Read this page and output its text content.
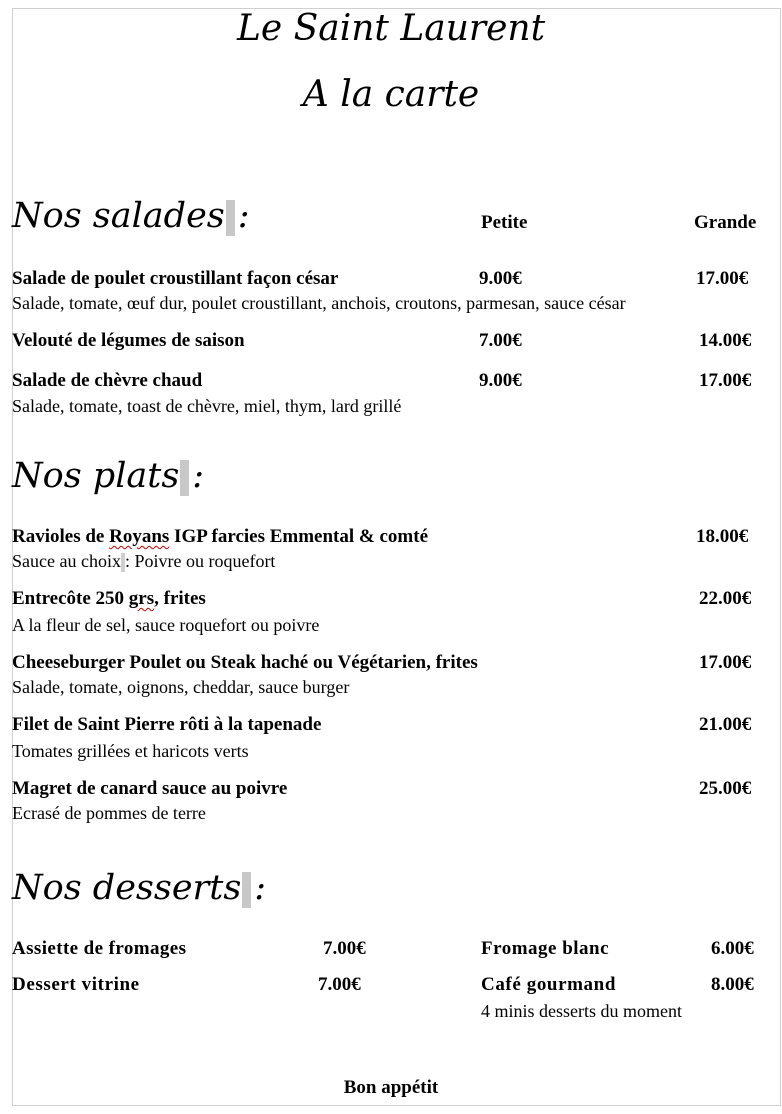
Le Saint Laurent
A la carte
Nos salades :	Petite	Grande
Salade de poulet croustillant façon césar	9.00€	17.00€
Salade, tomate, œuf dur, poulet croustillant, anchois, croutons, parmesan, sauce césar
Velouté de légumes de saison	7.00€	14.00€
Salade de chèvre chaud	9.00€	17.00€
Salade, tomate, toast de chèvre, miel, thym, lard grillé
Nos plats :
Ravioles de Royans IGP farcies Emmental & comté	18.00€
Sauce au choix : Poivre ou roquefort
Entrecôte 250 grs, frites	22.00€
A la fleur de sel, sauce roquefort ou poivre
Cheeseburger Poulet ou Steak haché ou Végétarien, frites	17.00€
Salade, tomate, oignons, cheddar, sauce burger
Filet de Saint Pierre rôti à la tapenade	21.00€
Tomates grillées et haricots verts
Magret de canard sauce au poivre	25.00€
Ecrasé de pommes de terre
Nos desserts :
Assiette de fromages	7.00€
Dessert vitrine	7.00€
Fromage blanc	6.00€
Café gourmand	8.00€
4 minis desserts du moment
Bon appétit
